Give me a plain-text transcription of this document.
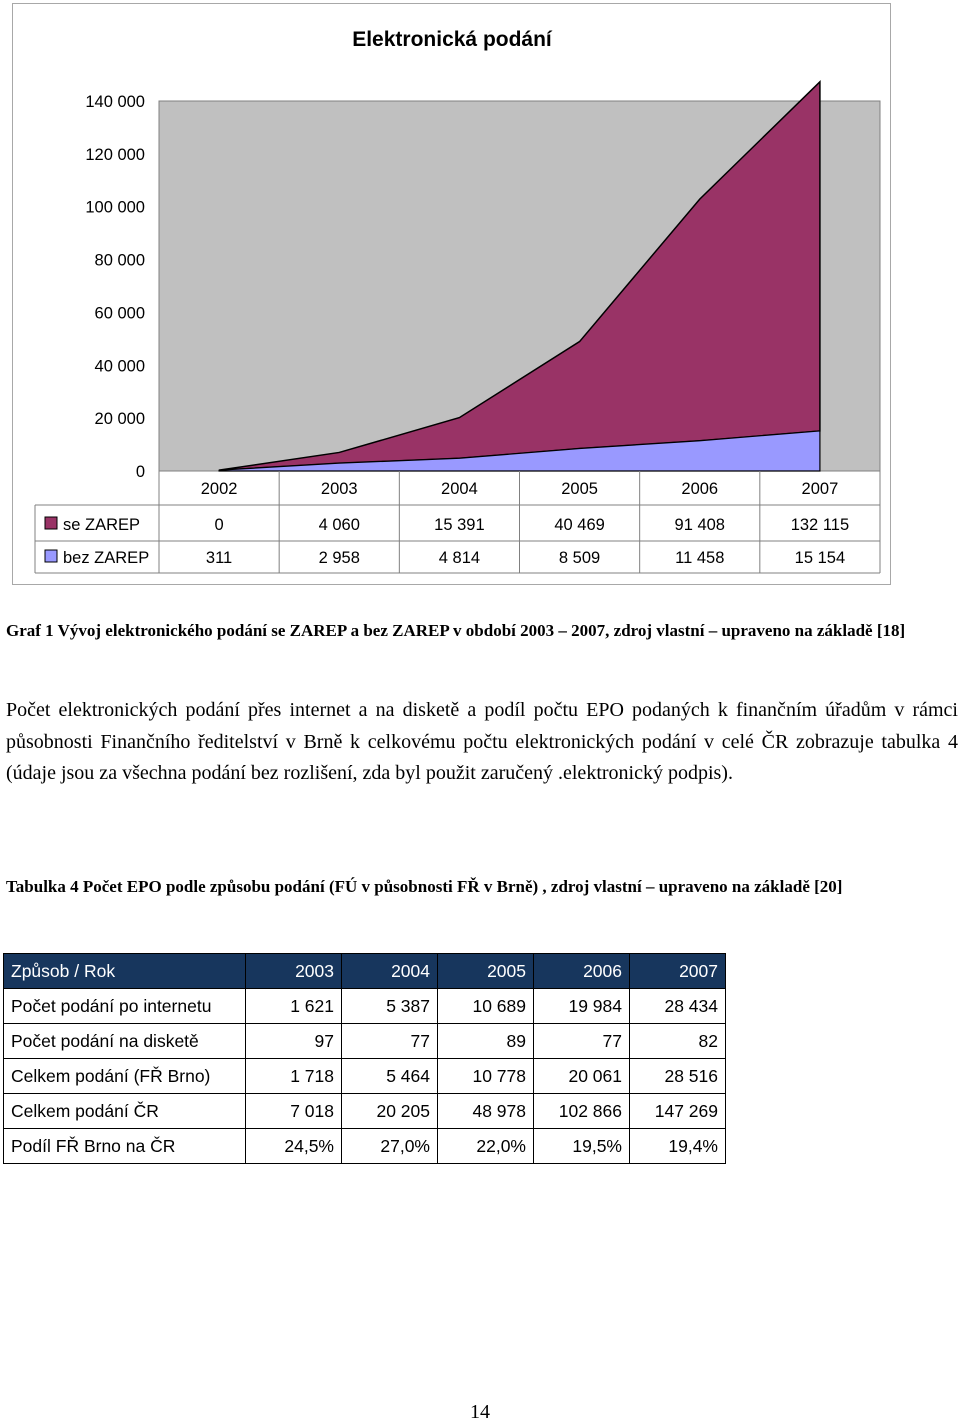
Elektronická podání
0
20 000
40 000
60 000
80 000
100 000
120 000
140 000
2002	2003	2004	2005	2006	2007
se ZAREP	0	4 060	15 391	40 469	91 408	132 115
bez ZAREP	311	2 958	4 814	8 509	11 458	15 154
Graf 1 Vývoj elektronického podání se ZAREP a bez ZAREP v období 2003 – 2007, zdroj vlastní – upraveno na základě [18]
Počet elektronických podání přes internet a na disketě a podíl počtu EPO podaných k finančním úřadům v rámci působnosti Finančního ředitelství v Brně k celkovému počtu elektronických podání v celé ČR zobrazuje tabulka 4 (údaje jsou za všechna podání bez rozlišení, zda byl použit zaručený .elektronický podpis).
Tabulka 4 Počet EPO podle způsobu podání (FÚ v působnosti FŘ v Brně) , zdroj vlastní – upraveno na základě [20]
Způsob / Rok	2003	2004	2005	2006	2007
Počet podání po internetu	1 621	5 387	10 689	19 984	28 434
Počet podání na disketě	97	77	89	77	82
Celkem podání (FŘ Brno)	1 718	5 464	10 778	20 061	28 516
Celkem podání ČR	7 018	20 205	48 978	102 866	147 269
Podíl FŘ Brno na ČR	24,5%	27,0%	22,0%	19,5%	19,4%
14
